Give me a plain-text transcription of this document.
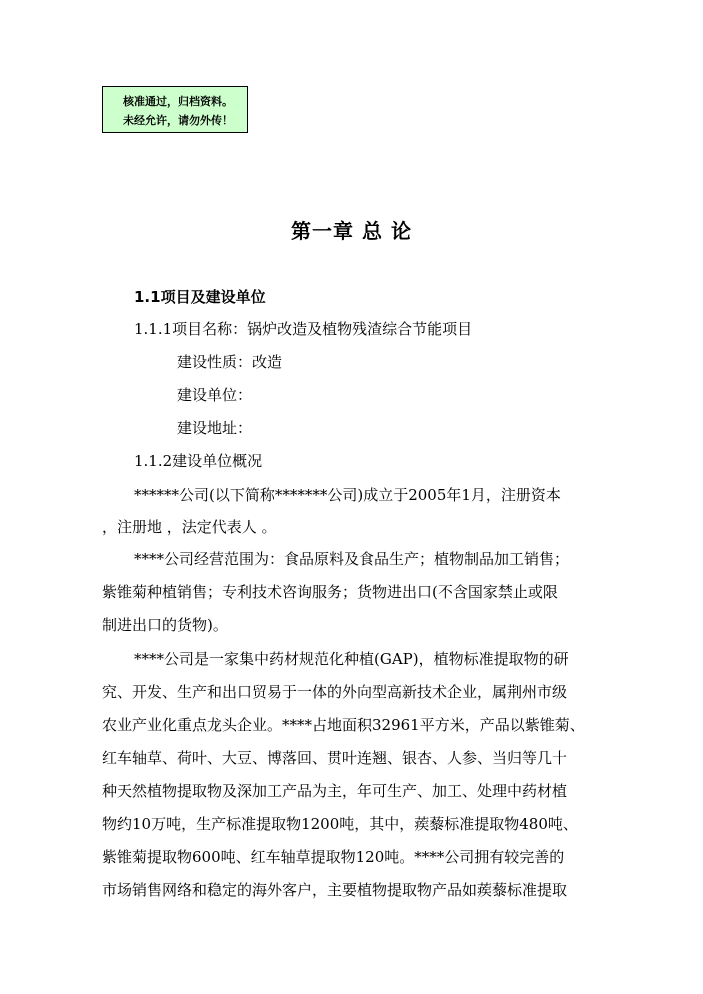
核准通过，归档资料。
未经允许，请勿外传！
第一章 总 论
1.1项目及建设单位
1.1.1项目名称：锅炉改造及植物残渣综合节能项目
建设性质：改造
建设单位：
建设地址：
1.1.2建设单位概况
******公司(以下简称*******公司)成立于2005年1月，注册资本
，注册地 ，法定代表人 。
****公司经营范围为：食品原料及食品生产；植物制品加工销售；
紫锥菊种植销售；专利技术咨询服务；货物进出口(不含国家禁止或限
制进出口的货物)。
****公司是一家集中药材规范化种植(GAP)，植物标准提取物的研
究、开发、生产和出口贸易于一体的外向型高新技术企业，属荆州市级
农业产业化重点龙头企业。****占地面积32961平方米，产品以紫锥菊、
红车轴草、荷叶、大豆、博落回、贯叶连翘、银杏、人参、当归等几十
种天然植物提取物及深加工产品为主，年可生产、加工、处理中药材植
物约10万吨，生产标准提取物1200吨，其中，蒺藜标准提取物480吨、
紫锥菊提取物600吨、红车轴草提取物120吨。****公司拥有较完善的
市场销售网络和稳定的海外客户，主要植物提取物产品如蒺藜标准提取
